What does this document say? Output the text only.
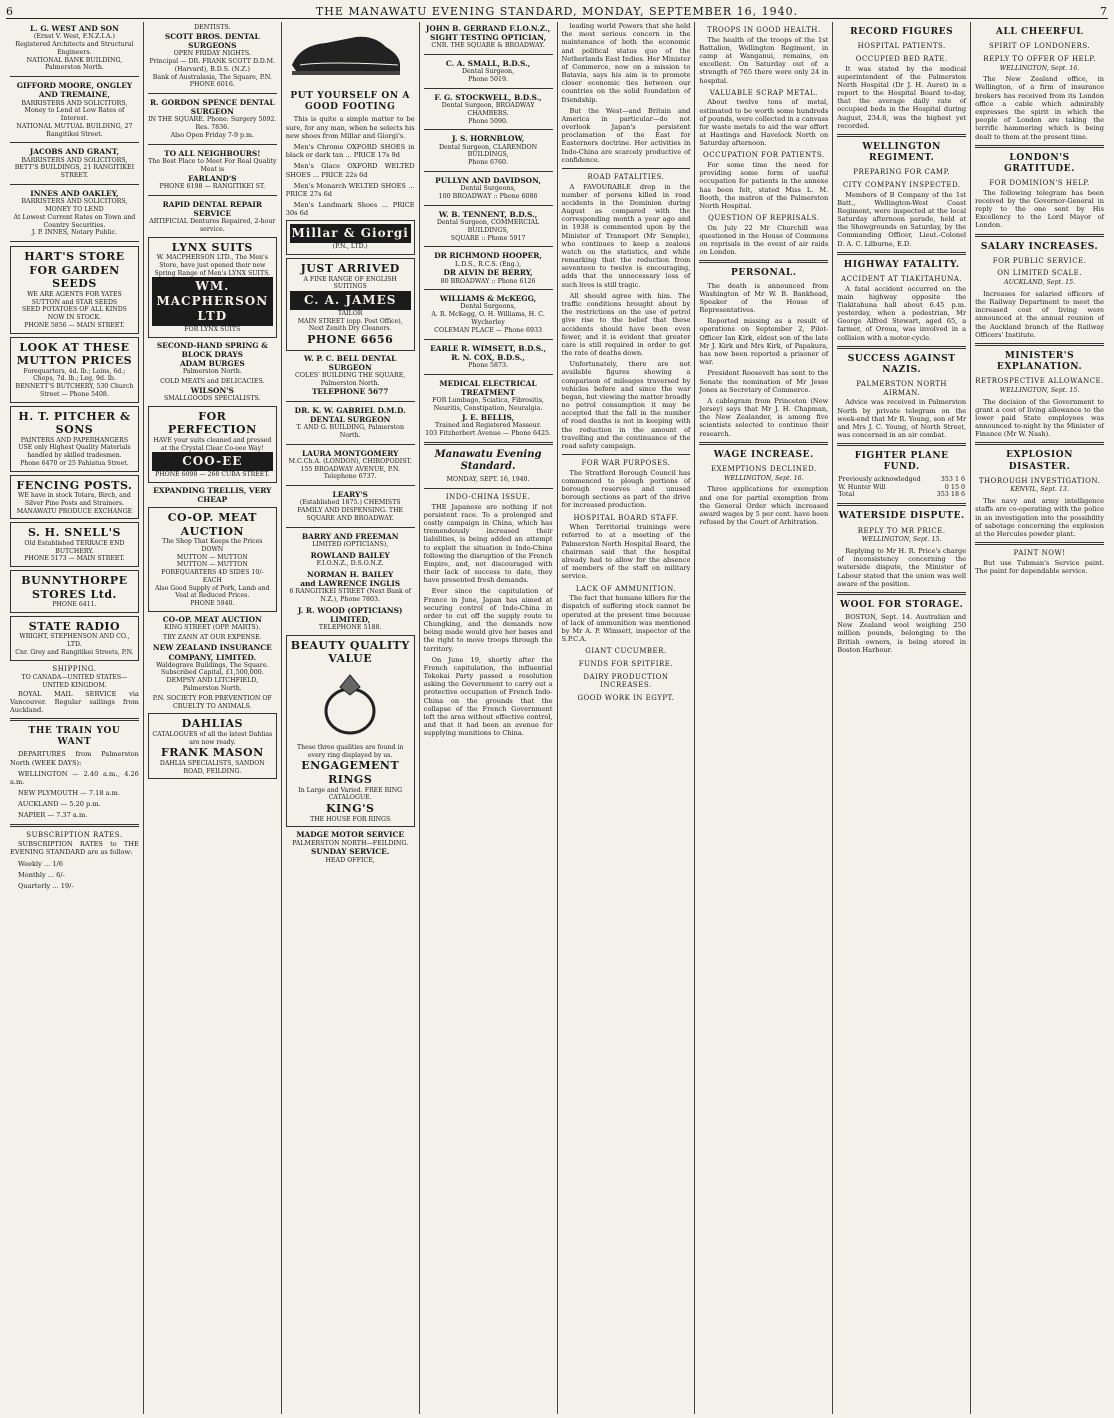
6	THE MANAWATU EVENING STANDARD, MONDAY, SEPTEMBER 16, 1940.	7
L. G. WEST AND SON
(Ernst V. West, F.N.Z.I.A.)
Registered Architects and Structural Engineers.
NATIONAL BANK BUILDING, Palmerston North.
GIFFORD MOORE, ONGLEY AND TREMAINE,
BARRISTERS AND SOLICITORS, Money to Lend at Low Rates of Interest.
NATIONAL MUTUAL BUILDING, 27 Rangitikei Street.
JACOBS AND GRANT,
BARRISTERS AND SOLICITORS, BETT'S BUILDINGS, 21 RANGITIKEI STREET.
INNES AND OAKLEY,
BARRISTERS AND SOLICITORS, MONEY TO LEND
At Lowest Current Rates on Town and Country Securities.
J. P. INNES, Notary Public.
HART'S STORE FOR GARDEN SEEDS
WE ARE AGENTS FOR YATES SUTTON and STAR SEEDS
SEED POTATOES OF ALL KINDS NOW IN STOCK.
PHONE 5856 — MAIN STREET.
LOOK AT THESE MUTTON PRICES
Forequarters, 4d. lb.; Loins, 6d.; Chops, 7d. lb.; Leg, 9d. lb.
BENNETT'S BUTCHERY, 530 Church Street — Phone 5408.
H. T. PITCHER & SONS
PAINTERS AND PAPERHANGERS
USE only Highest Quality Materials handled by skilled tradesmen.
Phone 6470 or 25 Fahiatua Street.
FENCING POSTS.
WE have in stock Totara, Birch, and Silver Pine Posts and Strainers.
MANAWATU PRODUCE EXCHANGE
S. H. SNELL'S
Old Established TERRACE END BUTCHERY.
PHONE 5173 — MAIN STREET.
BUNNYTHORPE STORES Ltd.
PHONE 6411.
STATE RADIO
WRIGHT, STEPHENSON AND CO., LTD.
Cnr. Grey and Rangitikei Streets, P.N.
SHIPPING.
TO CANADA—UNITED STATES—UNITED KINGDOM.

ROYAL MAIL SERVICE via Vancouver. Regular sailings from Auckland.

THE TRAIN YOU WANT

DEPARTURES from Palmerston North (WEEK DAYS):

WELLINGTON — 2.40 a.m., 4.26 a.m.

NEW PLYMOUTH — 7.18 a.m.

AUCKLAND — 5.20 p.m.

NAPIER — 7.37 a.m.

SUBSCRIPTION RATES.

SUBSCRIPTION RATES to THE EVENING STANDARD are as follow:

Weekly ... 1/6

Monthly ... 6/-

Quarterly ... 19/-

DENTISTS.
SCOTT BROS. DENTAL SURGEONS
OPEN FRIDAY NIGHTS.
Principal — DR. FRANK SCOTT D.D.M. (Harvard), B.D.S. (N.Z.)
Bank of Australasia, The Square, P.N. PHONE 6016.
R. GORDON SPENCE DENTAL SURGEON
IN THE SQUARE. Phone: Surgery 5092. Res. 7836.
Also Open Friday 7-9 p.m.
TO ALL NEIGHBOURS!
The Best Place to Meet For Real Quality Meat is
FARLAND'S
PHONE 6198 — RANGITIKEI ST.
RAPID DENTAL REPAIR SERVICE
ARTIFICIAL Dentures Repaired, 2-hour service.
LYNX SUITS
W. MACPHERSON LTD., The Men's Store, have just opened their new Spring Range of Men's LYNX SUITS.
WM. MACPHERSON LTD
FOR LYNX SUITS
SECOND-HAND SPRING & BLOCK DRAYS
ADAM BURGES
Palmerston North.
COLD MEATS and DELICACIES.
WILSON'S
SMALLGOODS SPECIALISTS.
FOR PERFECTION
HAVE your suits cleaned and pressed at the Crystal Clear Co-oee Way!
COO-EE
PHONE 6098 — 268 CUBA STREET.
EXPANDING TRELLIS, VERY CHEAP
CO-OP. MEAT AUCTION
The Shop That Keeps the Prices DOWN
MUTTON — MUTTON
MUTTON — MUTTON
FOREQUARTERS 4D SIDES 10/- EACH
Also Good Supply of Pork, Lamb and Veal at Reduced Prices.
PHONE 5940.
CO-OP. MEAT AUCTION
KING STREET (OPP. MARTS).
TRY ZANN AT OUR EXPENSE.
NEW ZEALAND INSURANCE COMPANY, LIMITED.
Waldegrave Buildings, The Square.
Subscribed Capital, £1,500,000.
DEMPSY AND LITCHFIELD, Palmerston North.
P.N. SOCIETY FOR PREVENTION OF CRUELTY TO ANIMALS.
DAHLIAS
CATALOGUES of all the latest Dahlias are now ready.
FRANK MASON
DAHLIA SPECIALISTS, SANDON ROAD, FEILDING.
PUT YOURSELF ON A GOOD FOOTING

This is quite a simple matter to be sure, for any man, when he selects his new shoes from Millar and Giorgi's.

Men's Chrome OXFORD SHOES in black or dark tan ... PRICE 17s 9d

Men's Glace OXFORD WELTED SHOES ... PRICE 22s 6d

Men's Monarch WELTED SHOES ... PRICE 27s 6d

Men's Landmark Shoes ... PRICE 30s 6d

Millar & Giorgi
(P.N., LTD.)
JUST ARRIVED
A FINE RANGE OF ENGLISH SUITINGS
C. A. JAMES
TAILOR
MAIN STREET (opp. Post Office), Next Zenith Dry Cleaners.
PHONE 6656
W. P. C. BELL DENTAL SURGEON
COLES' BUILDING THE SQUARE, Palmerston North.
TELEPHONE 5677
DR. K. W. GABRIEL D.M.D. DENTAL SURGEON
T. AND G. BUILDING, Palmerston North.
LAURA MONTGOMERY
M.C.Ch.A. (LONDON), CHIROPODIST.
155 BROADWAY AVENUE, P.N. Telephone 6737.
LEARY'S
(Established 1875.) CHEMISTS
FAMILY AND DISPENSING. THE SQUARE AND BROADWAY.
BARRY AND FREEMAN
LIMITED (OPTICIANS),
ROWLAND BAILEY
F.I.O.N.Z., D.S.O.N.Z.
NORMAN H. BAILEY
and LAWRENCE INGLIS
6 RANGITIKEI STREET (Next Bank of N.Z.), Phone 7803.
J. R. WOOD (OPTICIANS) LIMITED,
TELEPHONE 5188.
BEAUTY QUALITY VALUE
These three qualities are found in every ring displayed by us.
ENGAGEMENT RINGS
In Large and Varied. FREE RING CATALOGUE.
KING'S
THE HOUSE FOR RINGS
MADGE MOTOR SERVICE
PALMERSTON NORTH—FEILDING.
SUNDAY SERVICE.
HEAD OFFICE,
JOHN B. GERRAND F.I.O.N.Z.,
SIGHT TESTING OPTICIAN,
CNR. THE SQUARE & BROADWAY.
C. A. SMALL, B.D.S.,
Dental Surgeon,
Phone 5019.
F. G. STOCKWELL, B.D.S.,
Dental Surgeon, BROADWAY CHAMBERS.
Phone 5090.
J. S. HORNBLOW,
Dental Surgeon, CLARENDON BUILDINGS,
Phone 6760.
PULLYN AND DAVIDSON,
Dental Surgeons,
100 BROADWAY :: Phone 6086
W. B. TENNENT, B.D.S.,
Dental Surgeon, COMMERCIAL BUILDINGS,
SQUARE :: Phone 5917
DR RICHMOND HOOPER,
L.D.S., R.C.S. (Eng.),
DR ALVIN DE BERRY,
80 BROADWAY :: Phone 6126
WILLIAMS & McKEGG,
Dental Surgeons,
A. R. McKegg, O. H. Williams, H. C. Wycherley
COLEMAN PLACE — Phone 6933
EARLE R. WIMSETT, B.D.S.,
R. N. COX, B.D.S.,
Phone 5873.
MEDICAL ELECTRICAL TREATMENT
FOR Lumbago, Sciatica, Fibrositis, Neuritis, Constipation, Neuralgia.
J. E. BELLIS,
Trained and Registered Masseur.
103 Fitzherbert Avenue — Phone 6425.
Manawatu Evening Standard.
MONDAY, SEPT. 16, 1940.
INDO-CHINA ISSUE.

THE Japanese are nothing if not persistent race. To a prolonged and costly campaign in China, which has tremendously increased their liabilities, is being added an attempt to exploit the situation in Indo-China following the disruption of the French Empire, and, not discouraged with their lack of success to date, they have presented fresh demands.

Ever since the capitulation of France in June, Japan has aimed at securing control of Indo-China in order to cut off the supply route to Chungking, and the demands now being made would give her bases and the right to move troops through the territory.

On June 19, shortly after the French capitulation, the influential Tokokai Party passed a resolution asking the Government to carry out a protective occupation of French Indo-China on the grounds that the collapse of the French Government left the area without effective control, and that it had been an avenue for supplying munitions to China.

leading world Powers that she held the most serious concern in the maintenance of both the economic and political status quo of the Netherlands East Indies. Her Minister of Commerce, now on a mission to Batavia, says his aim is to promote closer economic ties between our countries on the solid foundation of friendship.

But the West—and Britain and America in particular—do not overlook Japan's persistent proclamation of the East for Easterners doctrine. Her activities in Indo-China are scarcely productive of confidence.

ROAD FATALITIES.

A FAVOURABLE drop in the number of persons killed in road accidents in the Dominion during August as compared with the corresponding month a year ago and in 1938 is commented upon by the Minister of Transport (Mr Semple), who continues to keep a zealous watch on the statistics, and while remarking that the reduction from seventeen to twelve is encouraging, adds that the unnecessary loss of such lives is still tragic.

All should agree with him. The traffic conditions brought about by the restrictions on the use of petrol give rise to the belief that these accidents should have been even fewer, and it is evident that greater care is still required in order to get the rate of deaths down.

Unfortunately, there are not available figures showing a comparison of mileages traversed by vehicles before and since the war began, but viewing the matter broadly no petrol consumption it may be accepted that the fall in the number of road deaths is not in keeping with the reduction in the amount of travelling and the continuance of the road safety campaign.

FOR WAR PURPOSES.

The Stratford Borough Council has commenced to plough portions of borough reserves and unused borough sections as part of the drive for increased production.

HOSPITAL BOARD STAFF.

When Territorial trainings were referred to at a meeting of the Palmerston North Hospital Board, the chairman said that the hospital already had to allow for the absence of members of the staff on military service.

LACK OF AMMUNITION.

The fact that humane killers for the dispatch of suffering stock cannot be operated at the present time because of lack of ammunition was mentioned by Mr A. P. Wimsett, inspector of the S.P.C.A.

GIANT CUCUMBER.
FUNDS FOR SPITFIRE.
DAIRY PRODUCTION INCREASES.
GOOD WORK IN EGYPT.
TROOPS IN GOOD HEALTH.

The health of the troops of the 1st Battalion, Wellington Regiment, in camp at Wanganui, remains, on excellent. On Saturday out of a strength of 765 there were only 24 in hospital.

VALUABLE SCRAP METAL.

About twelve tons of metal, estimated to be worth some hundreds of pounds, were collected in a canvass for waste metals to aid the war effort at Hastings and Havelock North on Saturday afternoon.

OCCUPATION FOR PATIENTS.

For some time the need for providing some form of useful occupation for patients in the annexe has been felt, stated Miss L. M. Booth, the matron of the Palmerston North Hospital.

QUESTION OF REPRISALS.

On July 22 Mr Churchill was questioned in the House of Commons on reprisals in the event of air raids on London.

PERSONAL.

The death is announced from Washington of Mr W. B. Bankhead, Speaker of the House of Representatives.

Reported missing as a result of operations on September 2, Pilot-Officer Ian Kirk, eldest son of the late Mr J. Kirk and Mrs Kirk, of Papakura, has now been reported a prisoner of war.

President Roosevelt has sent to the Senate the nomination of Mr Jesse Jones as Secretary of Commerce.

A cablegram from Princeton (New Jersey) says that Mr J. H. Chapman, the New Zealander, is among five scientists selected to continue their research.

WAGE INCREASE.
EXEMPTIONS DECLINED.

WELLINGTON, Sept. 16.

Three applications for exemption and one for partial exemption from the General Order which increased award wages by 5 per cent. have been refused by the Court of Arbitration.

RECORD FIGURES
HOSPITAL PATIENTS.
OCCUPIED BED RATE.

It was stated by the medical superintendent of the Palmerston North Hospital (Dr J. H. Auret) in a report to the Hospital Board to-day, that the average daily rate of occupied beds in the Hospital during August, 234.6, was the highest yet recorded.

WELLINGTON REGIMENT.
PREPARING FOR CAMP.
CITY COMPANY INSPECTED.

Members of B Company of the 1st Batt., Wellington-West Coast Regiment, were inspected at the local Saturday afternoon parade, held at the Showgrounds on Saturday, by the Commanding Officer, Lieut.-Colonel D. A. C. Lilburne, E.D.

HIGHWAY FATALITY.
ACCIDENT AT TIAKITAHUNA.

A fatal accident occurred on the main highway opposite the Tiakitahuna hall about 6.45 p.m. yesterday, when a pedestrian, Mr George Alfred Stewart, aged 65, a farmer, of Oroua, was involved in a collision with a motor-cycle.

SUCCESS AGAINST NAZIS.
PALMERSTON NORTH AIRMAN.

Advice was received in Palmerston North by private telegram on the week-end that Mr R. Young, son of Mr and Mrs J. C. Young, of North Street, was concerned in an air combat.

FIGHTER PLANE FUND.
Previously acknowledged	353 1 6
W. Hunter Will	0 15 0
Total	353 18 6
WATERSIDE DISPUTE.
REPLY TO MR PRICE.

WELLINGTON, Sept. 15.

Replying to Mr H. R. Price's charge of inconsistency concerning the waterside dispute, the Minister of Labour stated that the union was well aware of the position.

WOOL FOR STORAGE.

BOSTON, Sept. 14. Australian and New Zealand wool weighing 250 million pounds, belonging to the British owners, is being stored in Boston Harbour.

ALL CHEERFUL
SPIRIT OF LONDONERS.
REPLY TO OFFER OF HELP.

WELLINGTON, Sept. 16.

The New Zealand office, in Wellington, of a firm of insurance brokers has received from its London office a cable which admirably expresses the spirit in which the people of London are taking the terrific hammering which is being dealt to them at the present time.

LONDON'S GRATITUDE.
FOR DOMINION'S HELP.

The following telegram has been received by the Governor-General in reply to the one sent by His Excellency to the Lord Mayor of London.

SALARY INCREASES.
FOR PUBLIC SERVICE.
ON LIMITED SCALE.

AUCKLAND, Sept. 15.

Increases for salaried officers of the Railway Department to meet the increased cost of living were announced at the annual reunion of the Auckland branch of the Railway Officers' Institute.

MINISTER'S EXPLANATION.
RETROSPECTIVE ALLOWANCE.

WELLINGTON, Sept. 15.

The decision of the Government to grant a cost of living allowance to the lower paid State employees was announced to-night by the Minister of Finance (Mr W. Nash).

EXPLOSION DISASTER.
THOROUGH INVESTIGATION.

KENVIL, Sept. 13.

The navy and army intelligence staffs are co-operating with the police in an investigation into the possibility of sabotage concerning the explosion at the Hercules powder plant.

PAINT NOW!

But use Tubman's Service paint. The paint for dependable service.
